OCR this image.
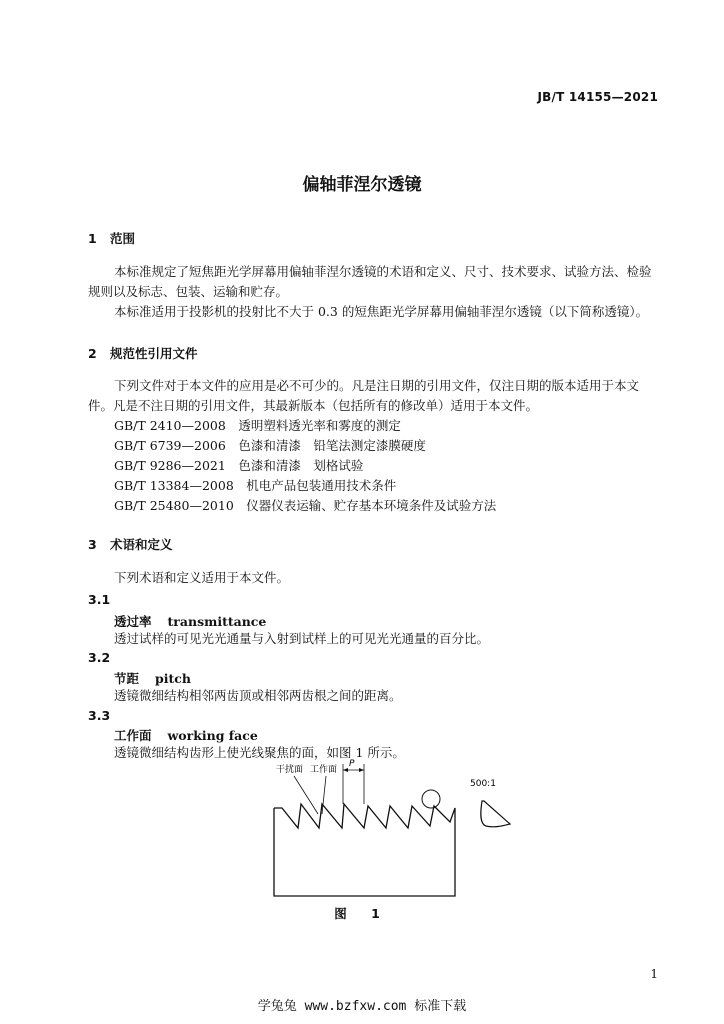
JB/T 14155—2021
偏轴菲涅尔透镜
1 范围
本标准规定了短焦距光学屏幕用偏轴菲涅尔透镜的术语和定义、尺寸、技术要求、试验方法、检验规则以及标志、包装、运输和贮存。
本标准适用于投影机的投射比不大于 0.3 的短焦距光学屏幕用偏轴菲涅尔透镜（以下简称透镜）。
2 规范性引用文件
下列文件对于本文件的应用是必不可少的。凡是注日期的引用文件，仅注日期的版本适用于本文件。凡是不注日期的引用文件，其最新版本（包括所有的修改单）适用于本文件。
GB/T 2410—2008　透明塑料透光率和雾度的测定
GB/T 6739—2006　色漆和清漆　铅笔法测定漆膜硬度
GB/T 9286—2021　色漆和清漆　划格试验
GB/T 13384—2008　机电产品包装通用技术条件
GB/T 25480—2010　仪器仪表运输、贮存基本环境条件及试验方法
3 术语和定义
下列术语和定义适用于本文件。
3.1
透过率 transmittance
透过试样的可见光光通量与入射到试样上的可见光光通量的百分比。
3.2
节距 pitch
透镜微细结构相邻两齿顶或相邻两齿根之间的距离。
3.3
工作面 working face
透镜微细结构齿形上使光线聚焦的面，如图 1 所示。
干扰面 工作面
P
500:1
图 1
1
学兔兔 www.bzfxw.com 标准下载
